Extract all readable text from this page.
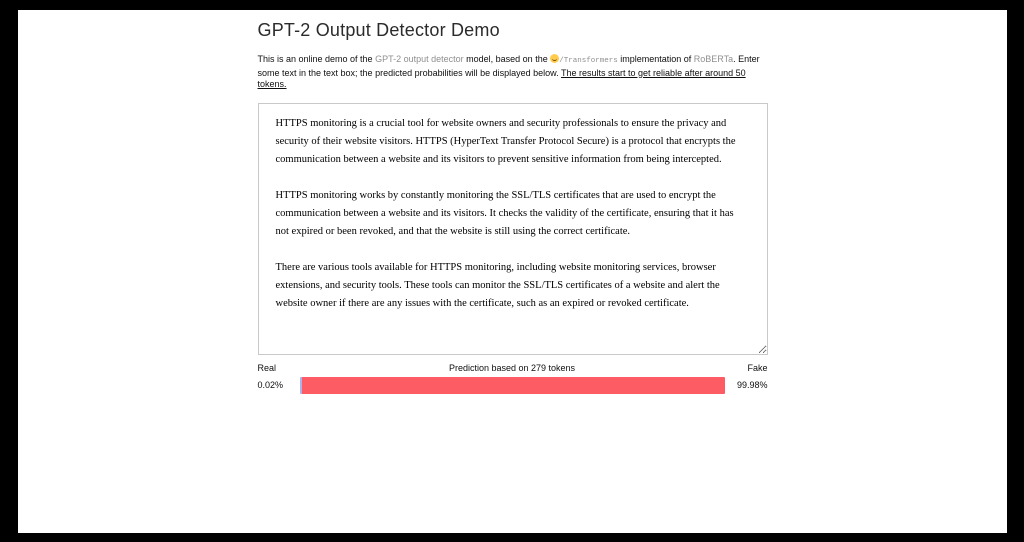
GPT-2 Output Detector Demo

This is an online demo of the GPT-2 output detector model, based on the /Transformers implementation of RoBERTa. Enter some text in the text box; the predicted probabilities will be displayed below. The results start to get reliable after around 50 tokens.

HTTPS monitoring is a crucial tool for website owners and security professionals to ensure the privacy and security of their website visitors. HTTPS (HyperText Transfer Protocol Secure) is a protocol that encrypts the communication between a website and its visitors to prevent sensitive information from being intercepted. HTTPS monitoring works by constantly monitoring the SSL/TLS certificates that are used to encrypt the communication between a website and its visitors. It checks the validity of the certificate, ensuring that it has not expired or been revoked, and that the website is still using the correct certificate. There are various tools available for HTTPS monitoring, including website monitoring services, browser extensions, and security tools. These tools can monitor the SSL/TLS certificates of a website and alert the website owner if there are any issues with the certificate, such as an expired or revoked certificate.
Real	Prediction based on 279 tokens	Fake
0.02%	99.98%
